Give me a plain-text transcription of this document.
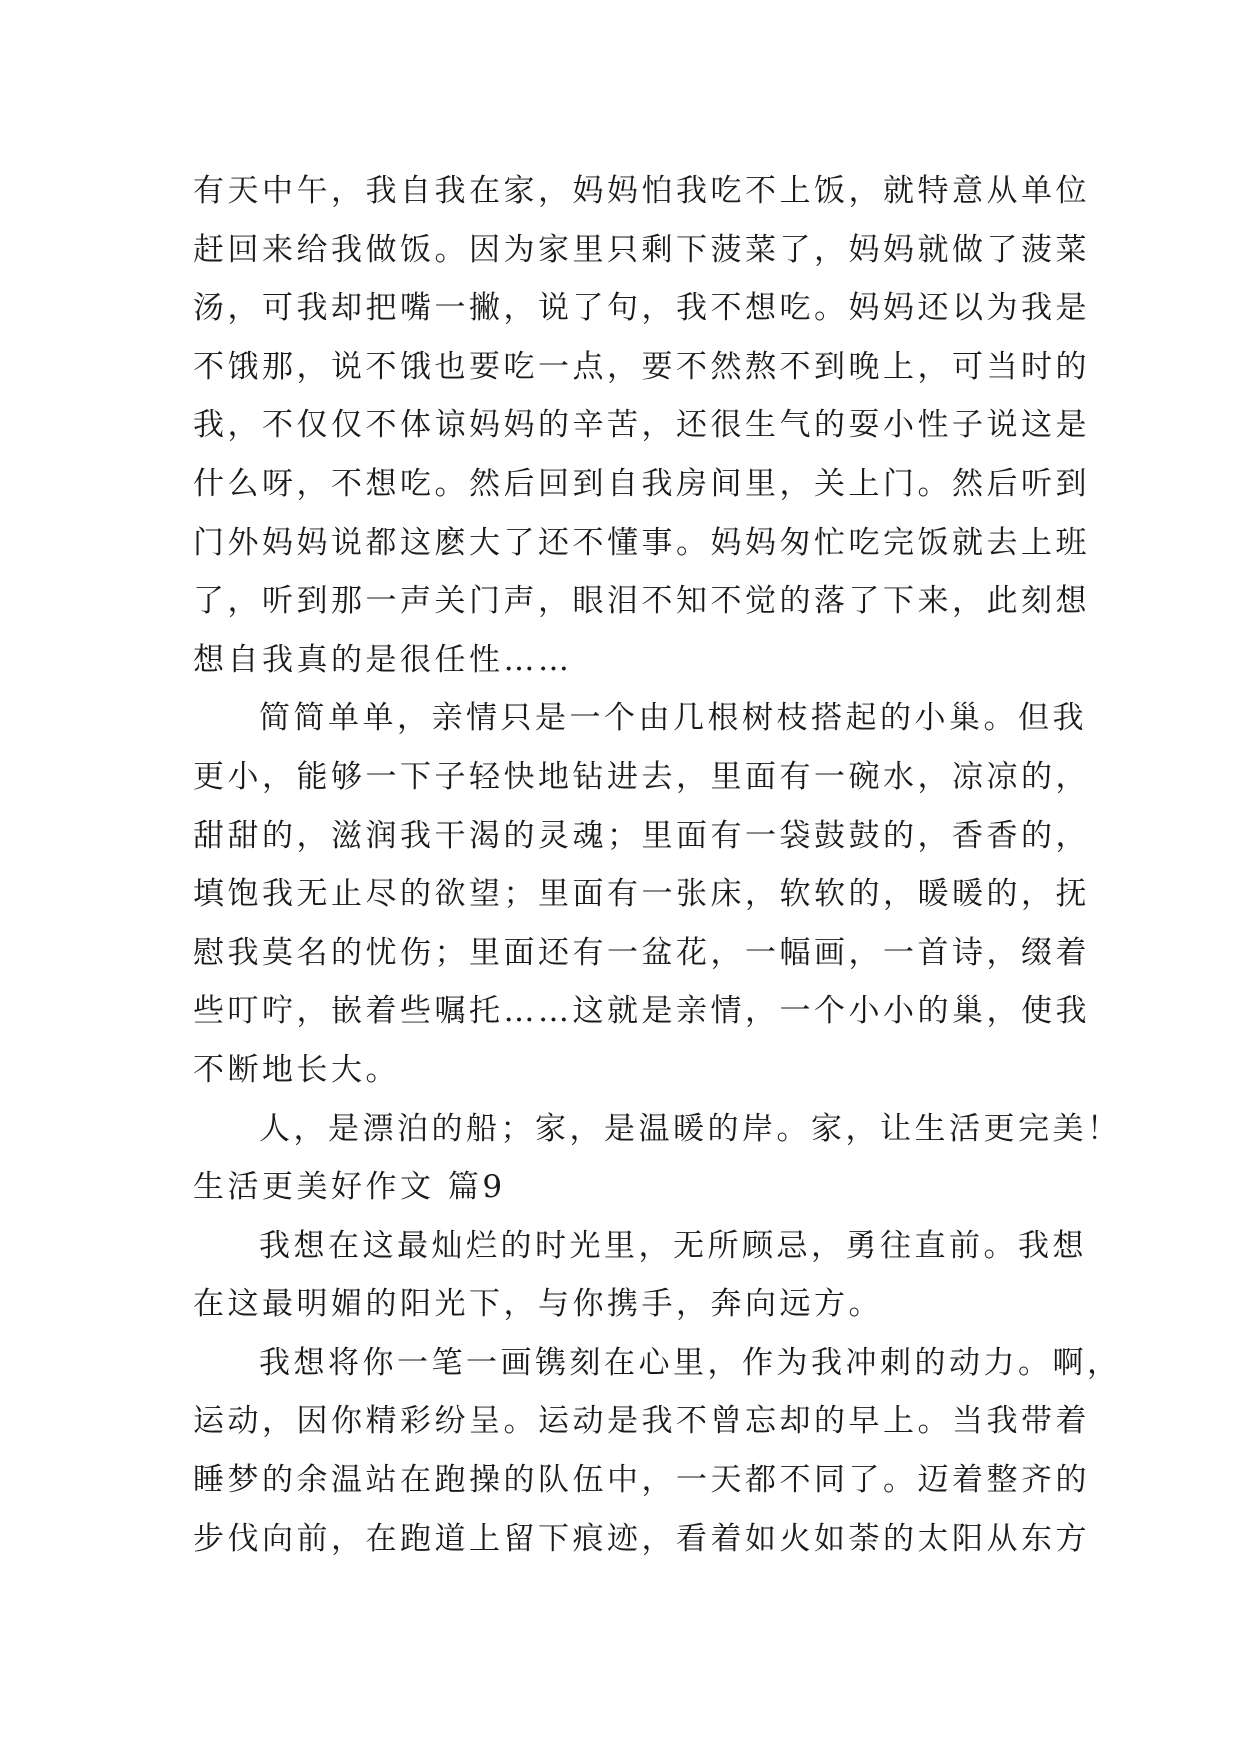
有天中午，我自我在家，妈妈怕我吃不上饭，就特意从单位
赶回来给我做饭。因为家里只剩下菠菜了，妈妈就做了菠菜
汤，可我却把嘴一撇，说了句，我不想吃。妈妈还以为我是
不饿那，说不饿也要吃一点，要不然熬不到晚上，可当时的
我，不仅仅不体谅妈妈的辛苦，还很生气的耍小性子说这是
什么呀，不想吃。然后回到自我房间里，关上门。然后听到
门外妈妈说都这麽大了还不懂事。妈妈匆忙吃完饭就去上班
了，听到那一声关门声，眼泪不知不觉的落了下来，此刻想
想自我真的是很任性……
简简单单，亲情只是一个由几根树枝搭起的小巢。但我
更小，能够一下子轻快地钻进去，里面有一碗水，凉凉的，
甜甜的，滋润我干渴的灵魂；里面有一袋鼓鼓的，香香的，
填饱我无止尽的欲望；里面有一张床，软软的，暖暖的，抚
慰我莫名的忧伤；里面还有一盆花，一幅画，一首诗，缀着
些叮咛，嵌着些嘱托……这就是亲情，一个小小的巢，使我
不断地长大。
人，是漂泊的船；家，是温暖的岸。家，让生活更完美！
生活更美好作文 篇9
我想在这最灿烂的时光里，无所顾忌，勇往直前。我想
在这最明媚的阳光下，与你携手，奔向远方。
我想将你一笔一画镌刻在心里，作为我冲刺的动力。啊，
运动，因你精彩纷呈。运动是我不曾忘却的早上。当我带着
睡梦的余温站在跑操的队伍中，一天都不同了。迈着整齐的
步伐向前，在跑道上留下痕迹，看着如火如荼的太阳从东方
